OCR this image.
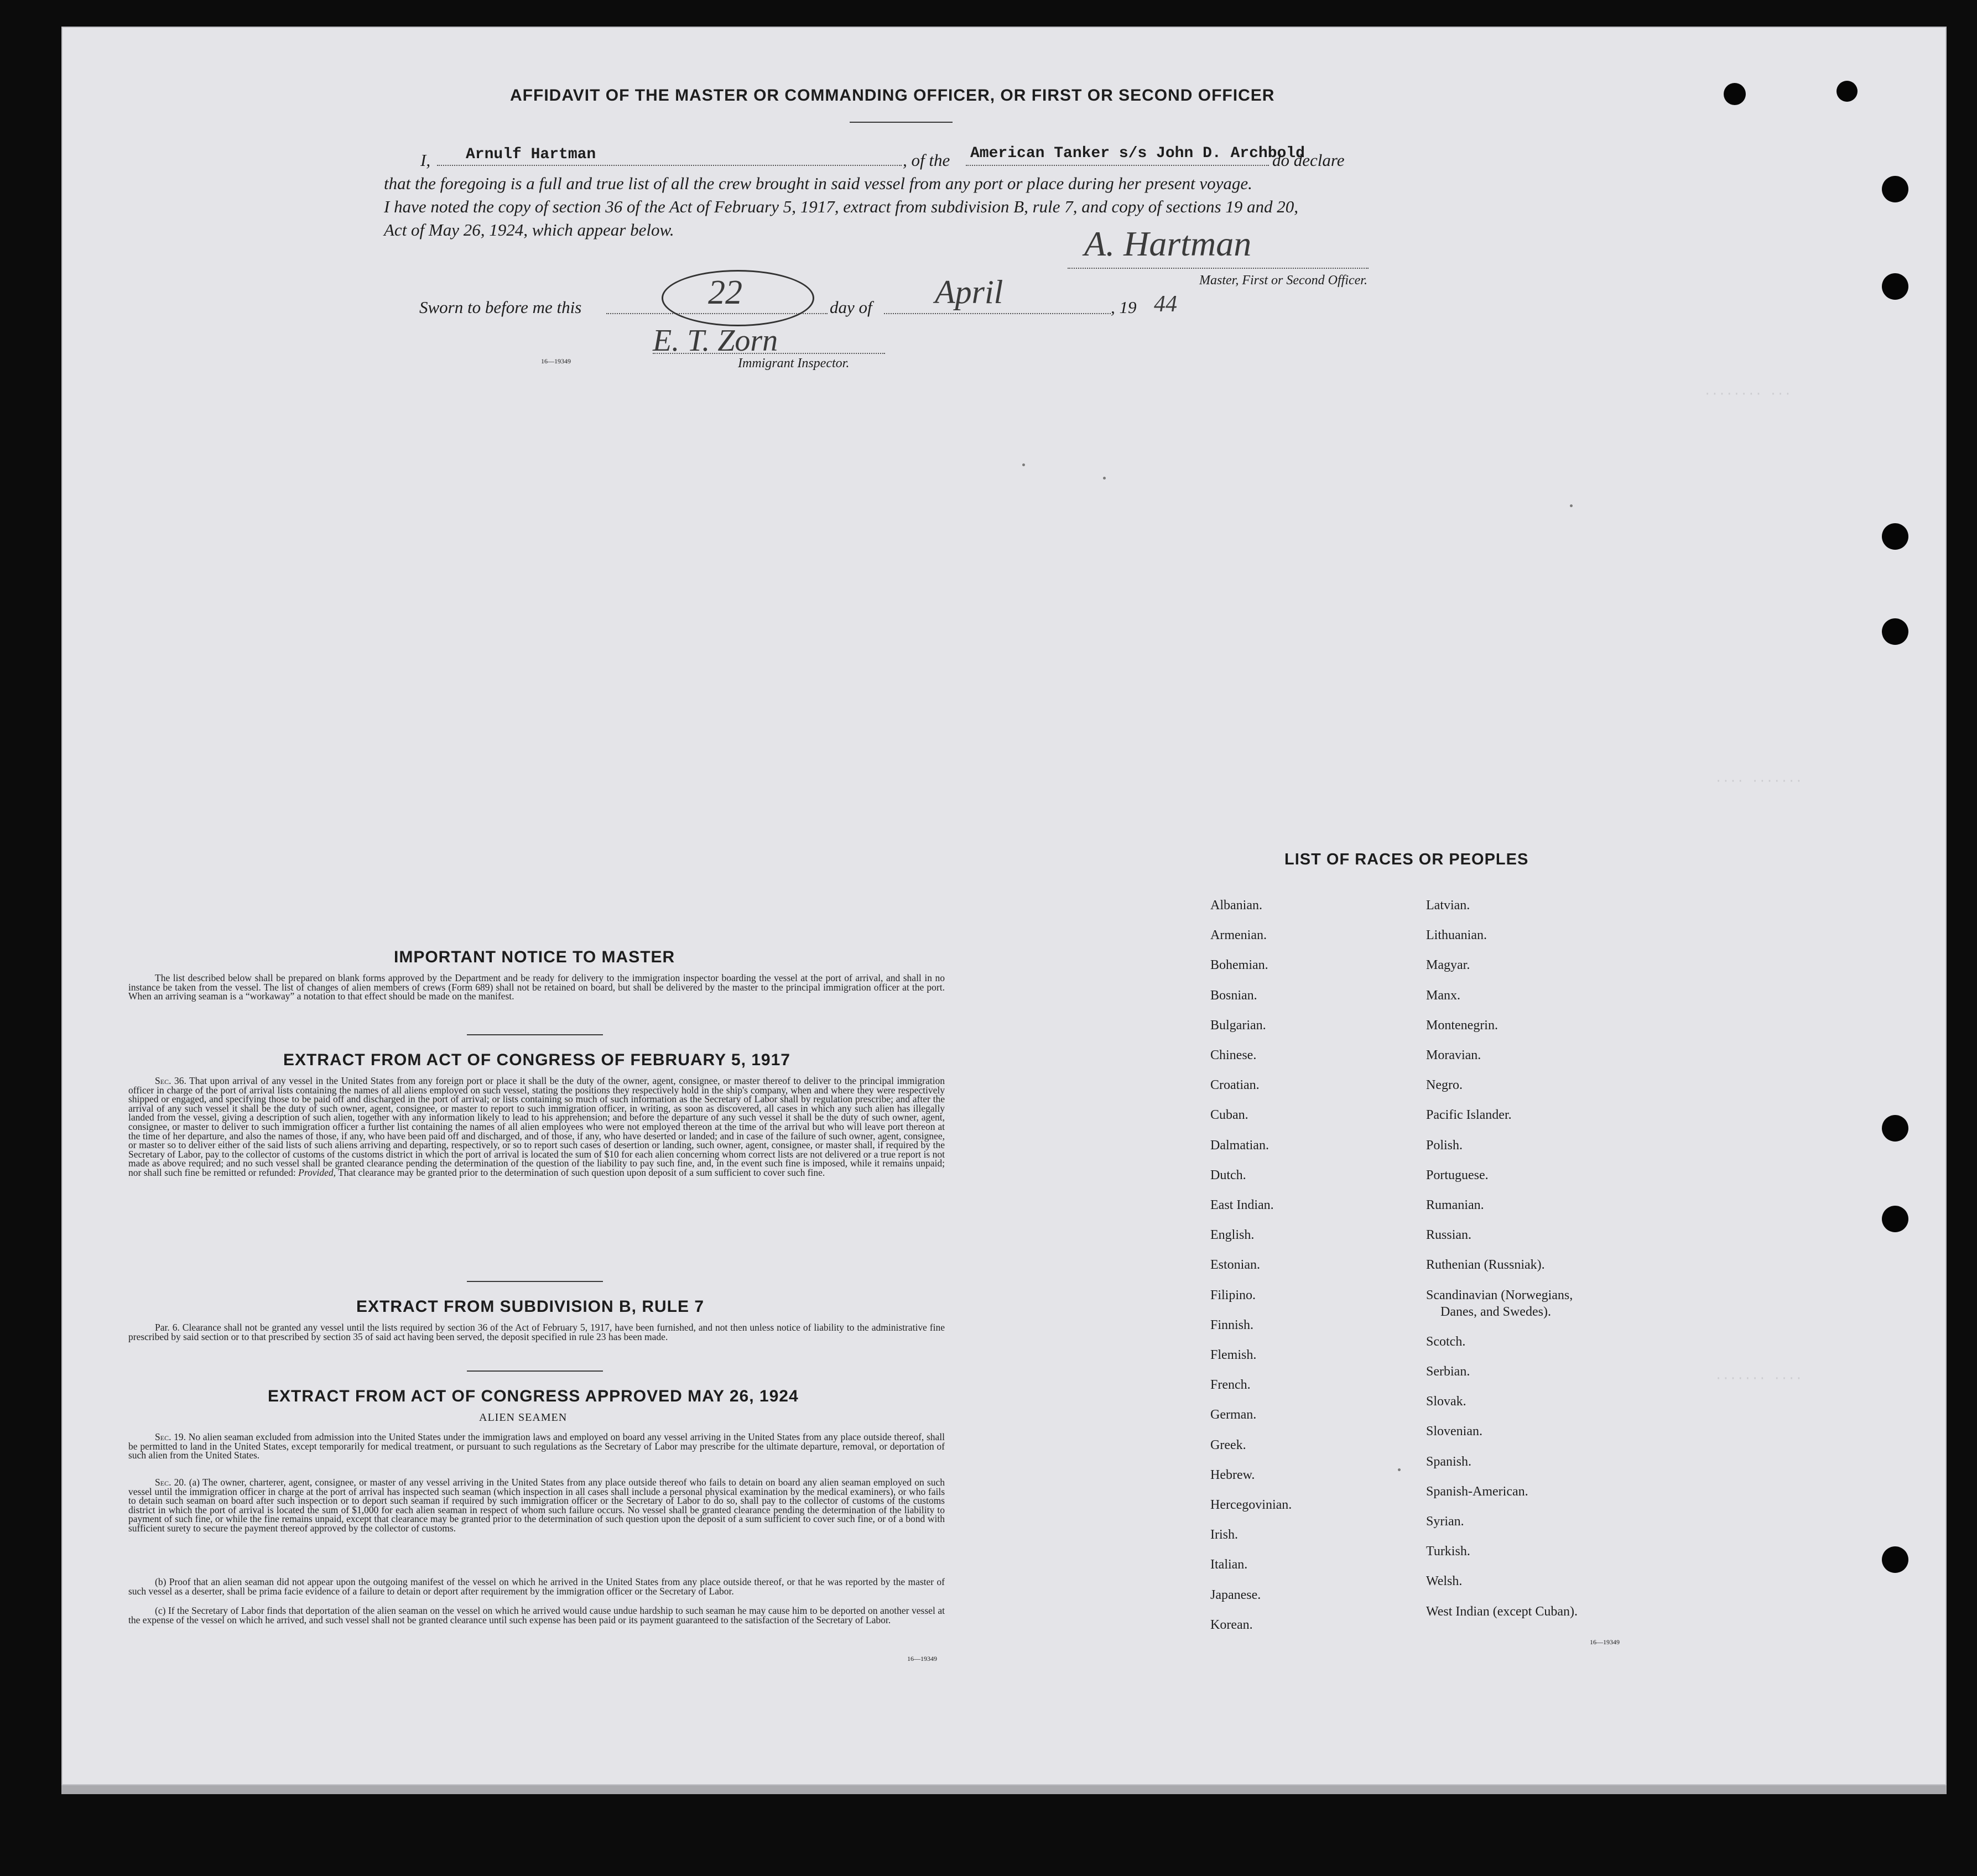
········ ···
···· ·······
······· ····
AFFIDAVIT OF THE MASTER OR COMMANDING OFFICER, OR FIRST OR SECOND OFFICER
I, Arnulf Hartman	, of the American Tanker s/s John D. Archbold
do declare
that the foregoing is a full and true list of all the crew brought in said vessel from any port or place during her present voyage.
I have noted the copy of section 36 of the Act of February 5, 1917, extract from subdivision B, rule 7, and copy of sections 19 and 20,
Act of May 26, 1924, which appear below.	A. Hartman
Master, First or Second Officer.
Sworn to before me this	22	day of April	, 19 44
E. T. Zorn
Immigrant Inspector.
16—19349
IMPORTANT NOTICE TO MASTER
The list described below shall be prepared on blank forms approved by the Department and be ready for delivery to the immigration inspector boarding the vessel at the port of arrival, and shall in no instance be taken from the vessel. The list of changes of alien members of crews (Form 689) shall not be retained on board, but shall be delivered by the master to the principal immigration officer at the port. When an arriving seaman is a “workaway” a notation to that effect should be made on the manifest.
EXTRACT FROM ACT OF CONGRESS OF FEBRUARY 5, 1917
Sec. 36. That upon arrival of any vessel in the United States from any foreign port or place it shall be the duty of the owner, agent, consignee, or master thereof to deliver to the principal immigration officer in charge of the port of arrival lists containing the names of all aliens employed on such vessel, stating the positions they respectively hold in the ship's company, when and where they were respectively shipped or engaged, and specifying those to be paid off and discharged in the port of arrival; or lists containing so much of such information as the Secretary of Labor shall by regulation prescribe; and after the arrival of any such vessel it shall be the duty of such owner, agent, consignee, or master to report to such immigration officer, in writing, as soon as discovered, all cases in which any such alien has illegally landed from the vessel, giving a description of such alien, together with any information likely to lead to his apprehension; and before the departure of any such vessel it shall be the duty of such owner, agent, consignee, or master to deliver to such immigration officer a further list containing the names of all alien employees who were not employed thereon at the time of the arrival but who will leave port thereon at the time of her departure, and also the names of those, if any, who have been paid off and discharged, and of those, if any, who have deserted or landed; and in case of the failure of such owner, agent, consignee, or master so to deliver either of the said lists of such aliens arriving and departing, respectively, or so to report such cases of desertion or landing, such owner, agent, consignee, or master shall, if required by the Secretary of Labor, pay to the collector of customs of the customs district in which the port of arrival is located the sum of $10 for each alien concerning whom correct lists are not delivered or a true report is not made as above required; and no such vessel shall be granted clearance pending the determination of the question of the liability to pay such fine, and, in the event such fine is imposed, while it remains unpaid; nor shall such fine be remitted or refunded: Provided, That clearance may be granted prior to the determination of such question upon deposit of a sum sufficient to cover such fine.
EXTRACT FROM SUBDIVISION B, RULE 7
Par. 6. Clearance shall not be granted any vessel until the lists required by section 36 of the Act of February 5, 1917, have been furnished, and not then unless notice of liability to the administrative fine prescribed by said section or to that prescribed by section 35 of said act having been served, the deposit specified in rule 23 has been made.
EXTRACT FROM ACT OF CONGRESS APPROVED MAY 26, 1924
ALIEN SEAMEN
Sec. 19. No alien seaman excluded from admission into the United States under the immigration laws and employed on board any vessel arriving in the United States from any place outside thereof, shall be permitted to land in the United States, except temporarily for medical treatment, or pursuant to such regulations as the Secretary of Labor may prescribe for the ultimate departure, removal, or deportation of such alien from the United States.
Sec. 20. (a) The owner, charterer, agent, consignee, or master of any vessel arriving in the United States from any place outside thereof who fails to detain on board any alien seaman employed on such vessel until the immigration officer in charge at the port of arrival has inspected such seaman (which inspection in all cases shall include a personal physical examination by the medical examiners), or who fails to detain such seaman on board after such inspection or to deport such seaman if required by such immigration officer or the Secretary of Labor to do so, shall pay to the collector of customs of the customs district in which the port of arrival is located the sum of $1,000 for each alien seaman in respect of whom such failure occurs. No vessel shall be granted clearance pending the determination of the liability to payment of such fine, or while the fine remains unpaid, except that clearance may be granted prior to the determination of such question upon the deposit of a sum sufficient to cover such fine, or of a bond with sufficient surety to secure the payment thereof approved by the collector of customs.
(b) Proof that an alien seaman did not appear upon the outgoing manifest of the vessel on which he arrived in the United States from any place outside thereof, or that he was reported by the master of such vessel as a deserter, shall be prima facie evidence of a failure to detain or deport after requirement by the immigration officer or the Secretary of Labor.
(c) If the Secretary of Labor finds that deportation of the alien seaman on the vessel on which he arrived would cause undue hardship to such seaman he may cause him to be deported on another vessel at the expense of the vessel on which he arrived, and such vessel shall not be granted clearance until such expense has been paid or its payment guaranteed to the satisfaction of the Secretary of Labor.
16—19349
LIST OF RACES OR PEOPLES
Albanian.
Armenian.
Bohemian.
Bosnian.
Bulgarian.
Chinese.
Croatian.
Cuban.
Dalmatian.
Dutch.
East Indian.
English.
Estonian.
Filipino.
Finnish.
Flemish.
French.
German.
Greek.
Hebrew.
Hercegovinian.
Irish.
Italian.
Japanese.
Korean.
Latvian.
Lithuanian.
Magyar.
Manx.
Montenegrin.
Moravian.
Negro.
Pacific Islander.
Polish.
Portuguese.
Rumanian.
Russian.
Ruthenian (Russniak).
Scandinavian (Norwegians,
Danes, and Swedes).
Scotch.
Serbian.
Slovak.
Slovenian.
Spanish.
Spanish-American.
Syrian.
Turkish.
Welsh.
West Indian (except Cuban).
16—19349
